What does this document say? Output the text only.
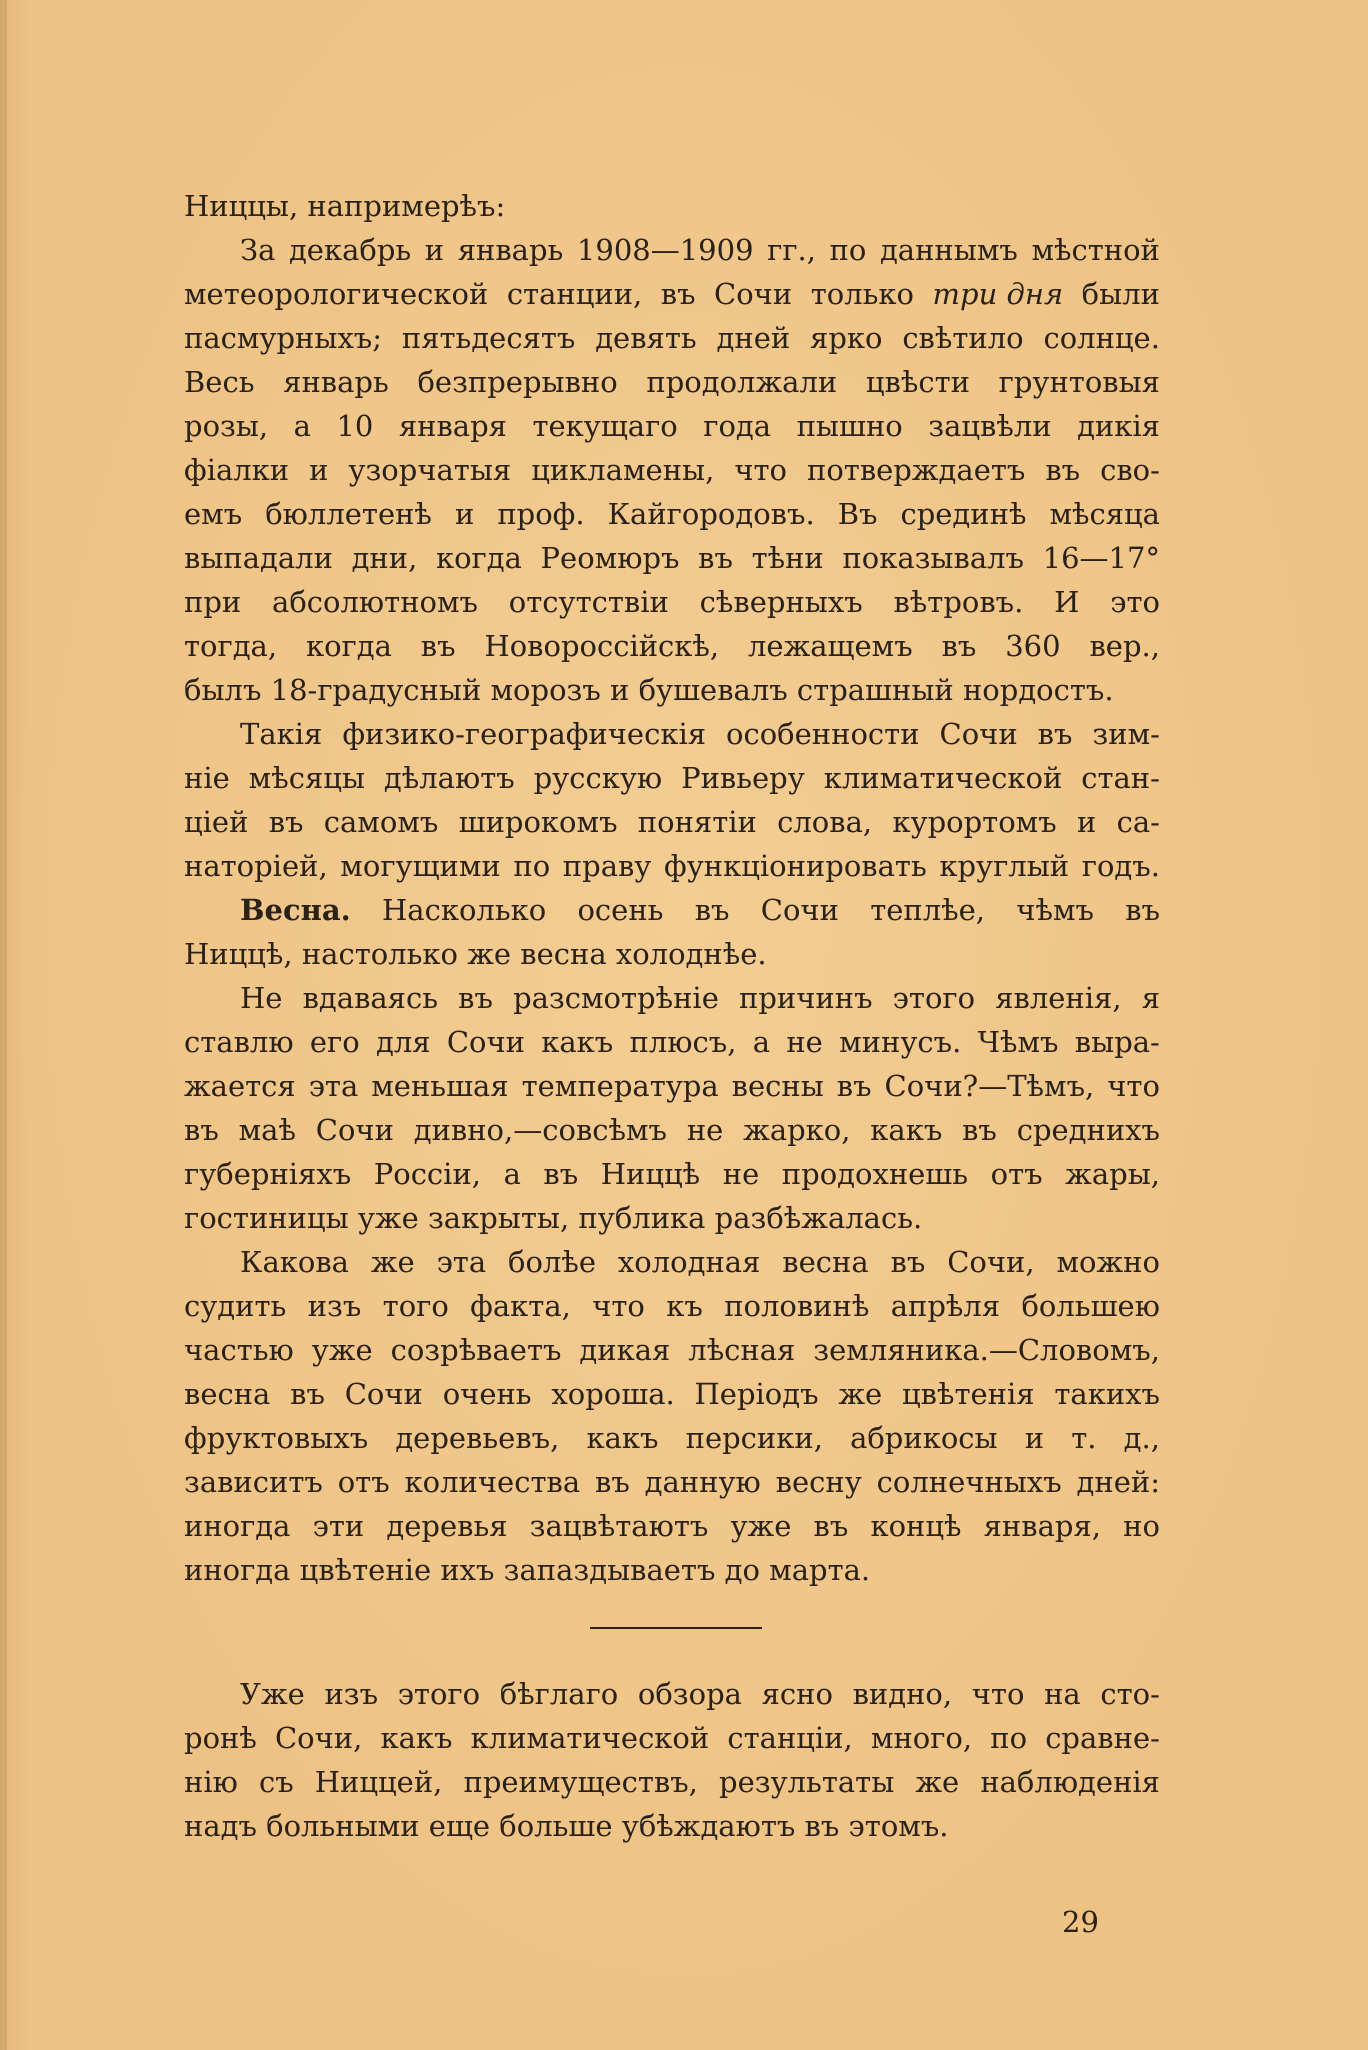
Ниццы, напримерѣъ:
За декабрь и январь 1908—1909 гг., по даннымъ мѣстной
метеорологической станции, въ Сочи только три дня были
пасмурныхъ; пятьдесятъ девять дней ярко свѣтило солнце.
Весь январь безпрерывно продолжали цвѣсти грунтовыя
розы, а 10 января текущаго года пышно зацвѣли дикія
фіалки и узорчатыя цикламены, что потверждаетъ въ сво-
емъ бюллетенѣ и проф. Кайгородовъ. Въ срединѣ мѣсяца
выпадали дни, когда Реомюръ въ тѣни показывалъ 16—17°
при абсолютномъ отсутствіи сѣверныхъ вѣтровъ. И это
тогда, когда въ Новороссійскѣ, лежащемъ въ 360 вер.,
былъ 18-градусный морозъ и бушевалъ страшный нордостъ.
Такія физико-географическія особенности Сочи въ зим-
ніе мѣсяцы дѣлаютъ русскую Ривьеру климатической стан-
ціей въ самомъ широкомъ понятіи слова, курортомъ и са-
наторіей, могущими по праву функціонировать круглый годъ.
Весна. Насколько осень въ Сочи теплѣе, чѣмъ въ
Ниццѣ, настолько же весна холоднѣе.
Не вдаваясь въ разсмотрѣніе причинъ этого явленія, я
ставлю его для Сочи какъ плюсъ, а не минусъ. Чѣмъ выра-
жается эта меньшая температура весны въ Сочи?—Тѣмъ, что
въ маѣ Сочи дивно,—совсѣмъ не жарко, какъ въ среднихъ
губерніяхъ Россіи, а въ Ниццѣ не продохнешь отъ жары,
гостиницы уже закрыты, публика разбѣжалась.
Какова же эта болѣе холодная весна въ Сочи, можно
судить изъ того факта, что къ половинѣ апрѣля большею
частью уже созрѣваетъ дикая лѣсная земляника.—Словомъ,
весна въ Сочи очень хороша. Періодъ же цвѣтенія такихъ
фруктовыхъ деревьевъ, какъ персики, абрикосы и т. д.,
зависитъ отъ количества въ данную весну солнечныхъ дней:
иногда эти деревья зацвѣтаютъ уже въ концѣ января, но
иногда цвѣтеніе ихъ запаздываетъ до марта.
Уже изъ этого бѣглаго обзора ясно видно, что на сто-
ронѣ Сочи, какъ климатической станціи, много, по сравне-
нію съ Ниццей, преимуществъ, результаты же наблюденія
надъ больными еще больше убѣждаютъ въ этомъ.
29
